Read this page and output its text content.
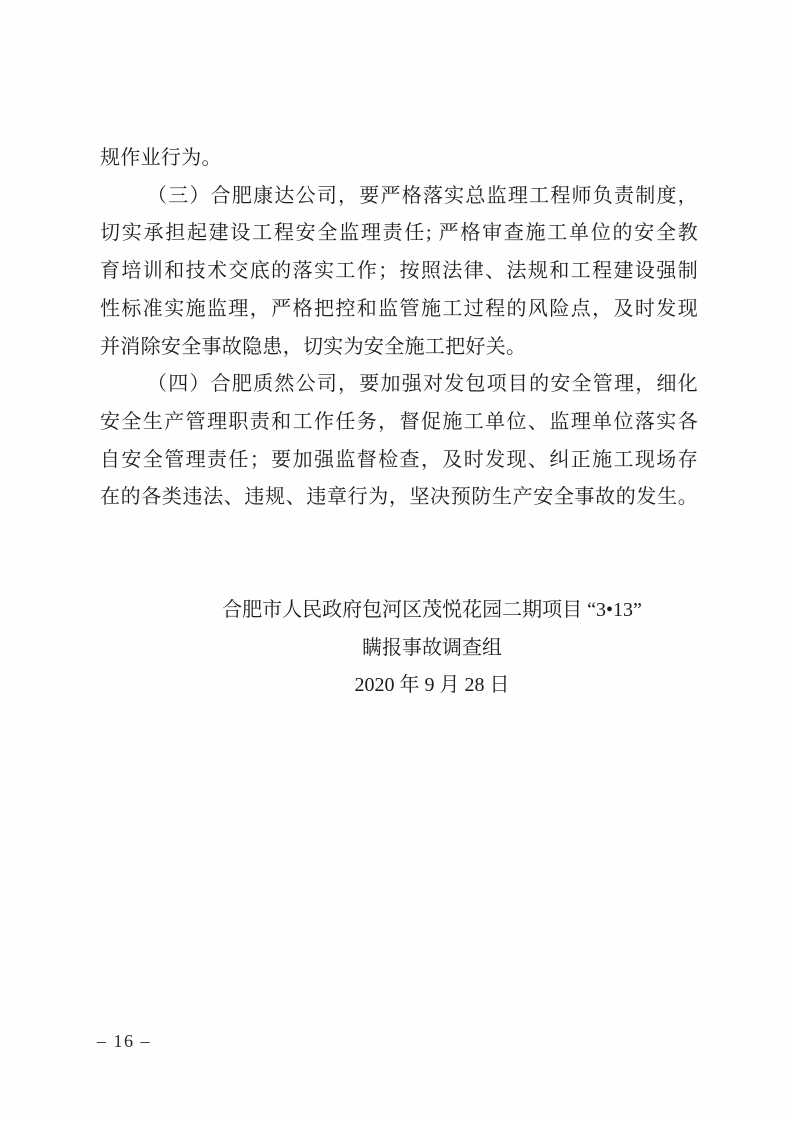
规作业行为。
（三）合肥康达公司，要严格落实总监理工程师负责制度，
切实承担起建设工程安全监理责任; 严格审查施工单位的安全教
育培训和技术交底的落实工作；按照法律、法规和工程建设强制
性标准实施监理，严格把控和监管施工过程的风险点，及时发现
并消除安全事故隐患，切实为安全施工把好关。
（四）合肥质然公司，要加强对发包项目的安全管理，细化
安全生产管理职责和工作任务，督促施工单位、监理单位落实各
自安全管理责任；要加强监督检查，及时发现、纠正施工现场存
在的各类违法、违规、违章行为，坚决预防生产安全事故的发生。
合肥市人民政府包河区茂悦花园二期项目 “3•13”
瞒报事故调查组
2020 年 9 月 28 日
– 16 –
